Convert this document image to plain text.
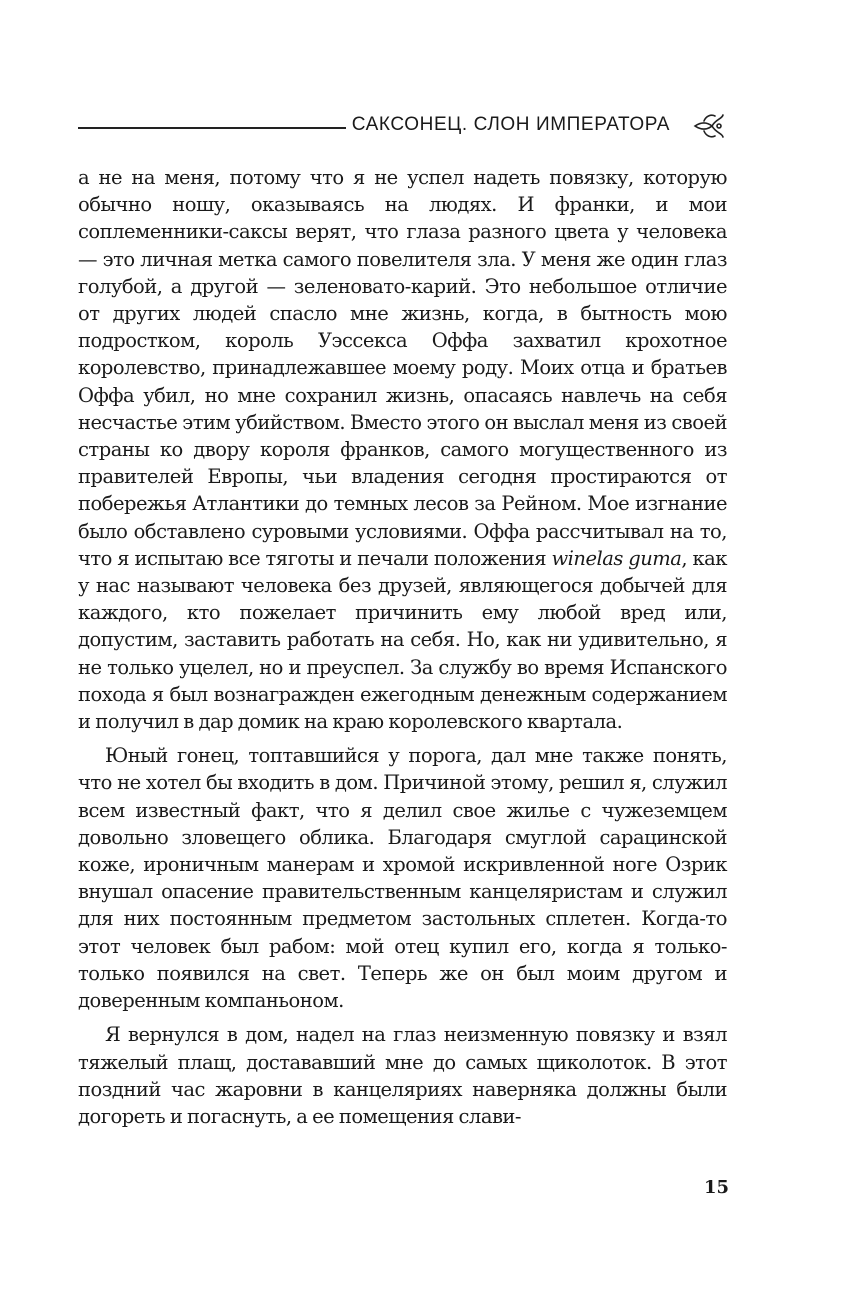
САКСОНЕЦ. СЛОН ИМПЕРАТОРА

а не на меня, потому что я не успел надеть повязку, которую обычно ношу, оказываясь на людях. И франки, и мои соплеменники-саксы верят, что глаза разного цвета у человека — это личная метка самого повелителя зла. У меня же один глаз голубой, а другой — зеленовато-карий. Это небольшое отличие от других людей спасло мне жизнь, когда, в бытность мою подростком, король Уэссекса Оффа захватил крохотное королевство, принадлежавшее моему роду. Моих отца и братьев Оффа убил, но мне сохранил жизнь, опасаясь навлечь на себя несчастье этим убийством. Вместо этого он выслал меня из своей страны ко двору короля франков, самого могущественного из правителей Европы, чьи владения сегодня простираются от побережья Атлантики до темных лесов за Рейном. Мое изгнание было обставлено суровыми условиями. Оффа рассчитывал на то, что я испытаю все тяготы и печали положения winelas guma, как у нас называют человека без друзей, являющегося добычей для каждого, кто пожелает причинить ему любой вред или, допустим, заставить работать на себя. Но, как ни удивительно, я не только уцелел, но и преуспел. За службу во время Испанского похода я был вознагражден ежегодным денежным содержанием и получил в дар домик на краю королевского квартала.

Юный гонец, топтавшийся у порога, дал мне также понять, что не хотел бы входить в дом. Причиной этому, решил я, служил всем известный факт, что я делил свое жилье с чужеземцем довольно зловещего облика. Благодаря смуглой сарацинской коже, ироничным манерам и хромой искривленной ноге Озрик внушал опасение правительственным канцеляристам и служил для них постоянным предметом застольных сплетен. Когда-то этот человек был рабом: мой отец купил его, когда я только-только появился на свет. Теперь же он был моим другом и доверенным компаньоном.

Я вернулся в дом, надел на глаз неизменную повязку и взял тяжелый плащ, достававший мне до самых щиколоток. В этот поздний час жаровни в канцеляриях наверняка должны были догореть и погаснуть, а ее помещения слави-

15
